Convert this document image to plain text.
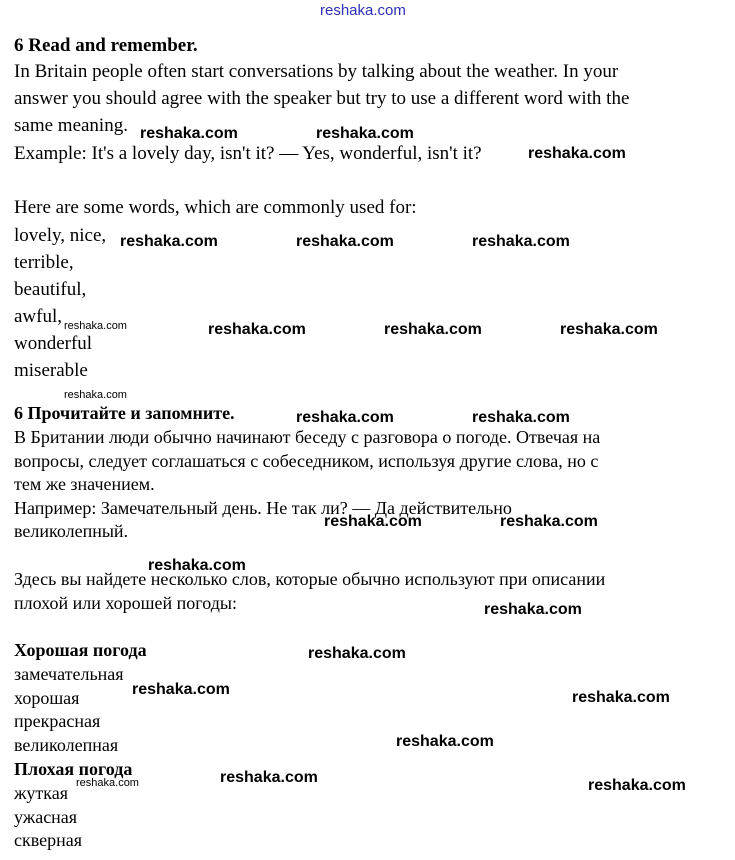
6 Read and remember.
In Britain people often start conversations by talking about the weather. In your
answer you should agree with the speaker but try to use a different word with the
same meaning.
Example: It's a lovely day, isn't it? — Yes, wonderful, isn't it?
Here are some words, which are commonly used for:
lovely, nice,
terrible,
beautiful,
awful,
wonderful
miserable
6 Прочитайте и запомните.
В Британии люди обычно начинают беседу с разговора о погоде. Отвечая на
вопросы, следует соглашаться с собеседником, используя другие слова, но с
тем же значением.
Например: Замечательный день. Не так ли? — Да действительно
великолепный.
Здесь вы найдете несколько слов, которые обычно используют при описании
плохой или хорошей погоды:
Хорошая погода
замечательная
хорошая
прекрасная
великолепная
Плохая погода
жуткая
ужасная
скверная
reshaka.com
reshaka.com	reshaka.com
reshaka.com
reshaka.com	reshaka.com	reshaka.com
reshaka.com	reshaka.com	reshaka.com	reshaka.com
reshaka.com
reshaka.com	reshaka.com
reshaka.com	reshaka.com
reshaka.com
reshaka.com
reshaka.com
reshaka.com	reshaka.com
reshaka.com
reshaka.com
reshaka.com	reshaka.com
